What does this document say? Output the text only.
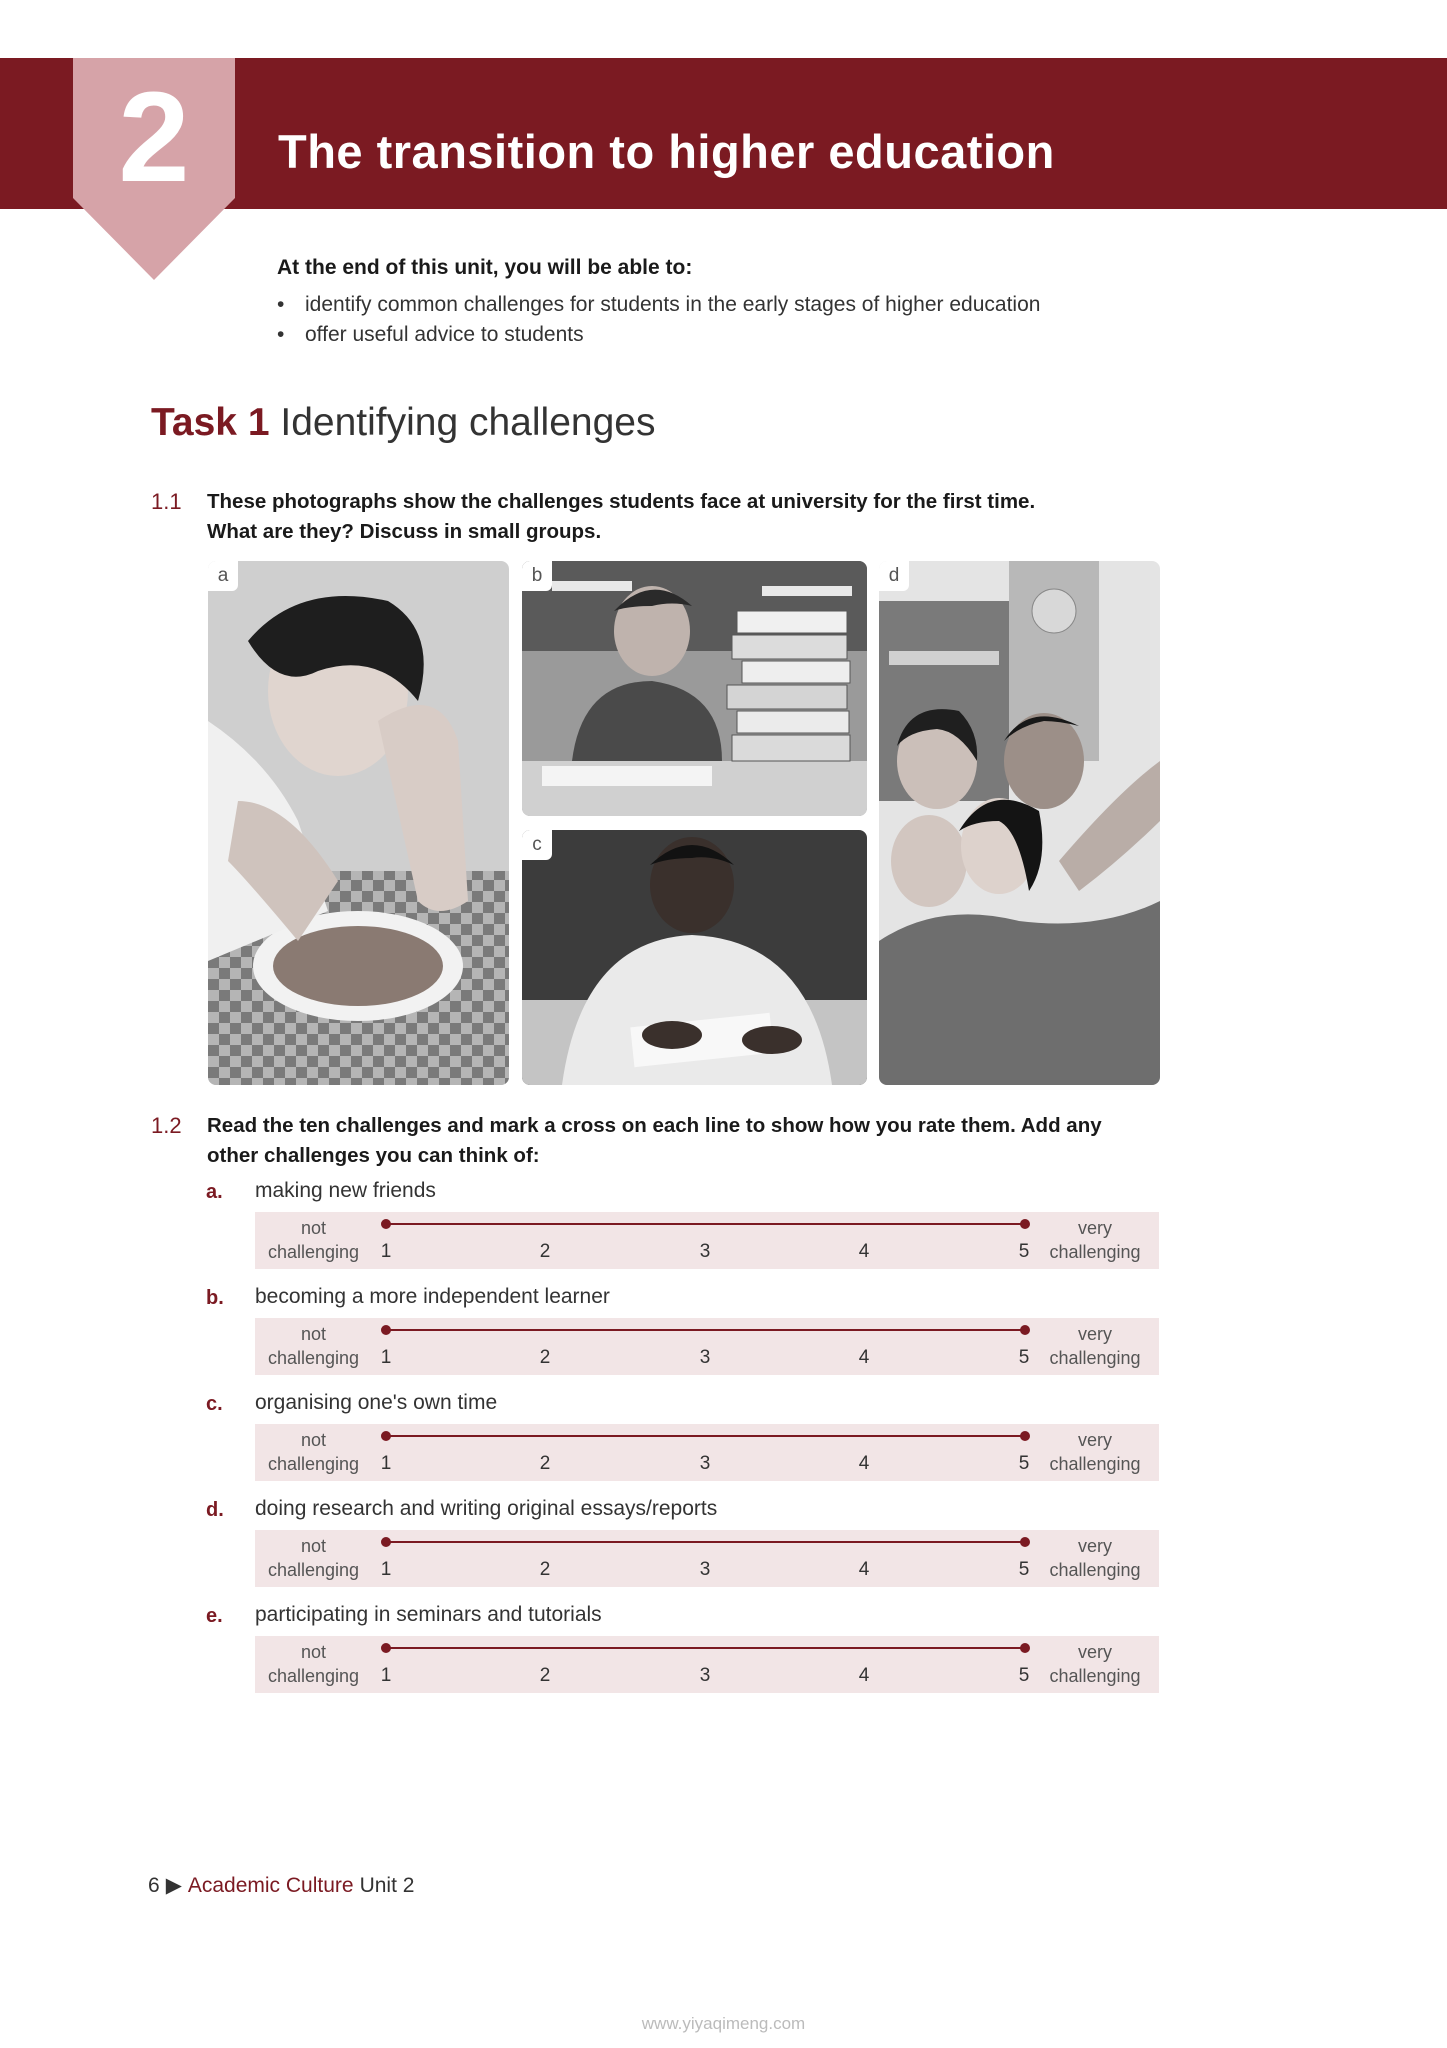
2	The transition to higher education
At the end of this unit, you will be able to:
• identify common challenges for students in the early stages of higher education
• offer useful advice to students
Task 1 Identifying challenges
1.1 These photographs show the challenges students face at university for the first time.
What are they? Discuss in small groups.
a	b
c
d
1.2 Read the ten challenges and mark a cross on each line to show how you rate them. Add any
other challenges you can think of:
a. making new friends
not
challenging	1	2	3	4	5
very
challenging
b. becoming a more independent learner
not
challenging	1	2	3	4	5
very
challenging
c. organising one's own time
not
challenging	1	2	3	4	5
very
challenging
d. doing research and writing original essays/reports
not
challenging	1	2	3	4	5
very
challenging
e. participating in seminars and tutorials
not
challenging	1	2	3	4	5
very
challenging
6 ▶ Academic Culture Unit 2
www.yiyaqimeng.com
